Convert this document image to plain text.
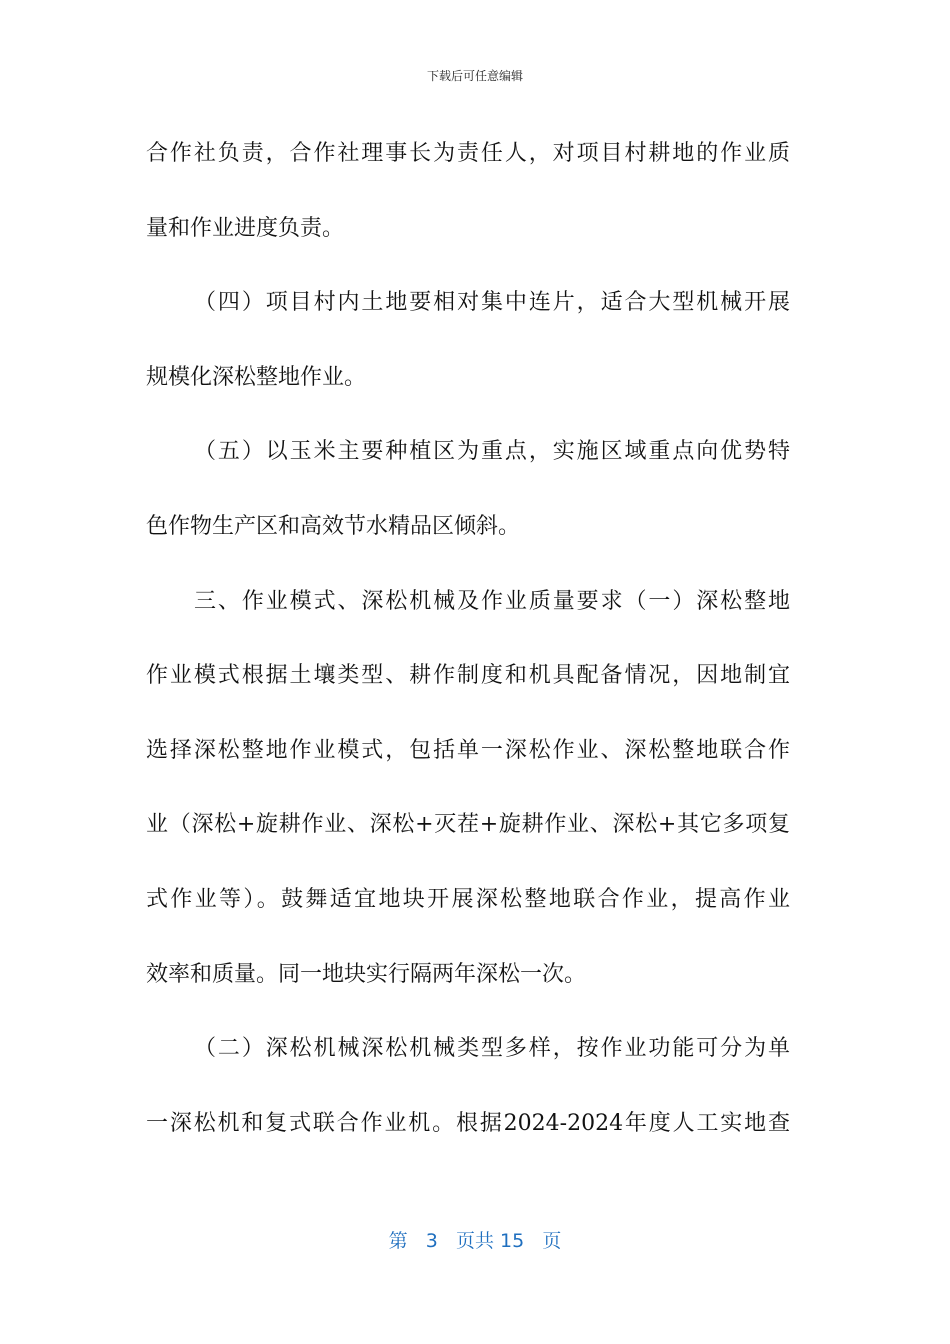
下载后可任意编辑
合作社负责，合作社理事长为责任人，对项目村耕地的作业质
量和作业进度负责。
（四）项目村内土地要相对集中连片，适合大型机械开展
规模化深松整地作业。
（五）以玉米主要种植区为重点，实施区域重点向优势特
色作物生产区和高效节水精品区倾斜。
三、作业模式、深松机械及作业质量要求（一）深松整地
作业模式根据土壤类型、耕作制度和机具配备情况，因地制宜
选择深松整地作业模式，包括单一深松作业、深松整地联合作
业（深松+旋耕作业、深松+灭茬+旋耕作业、深松+其它多项复
式作业等）。鼓舞适宜地块开展深松整地联合作业，提高作业
效率和质量。同一地块实行隔两年深松一次。
（二）深松机械深松机械类型多样，按作业功能可分为单
一深松机和复式联合作业机。根据2024-2024年度人工实地查
第 3 页共 15 页
